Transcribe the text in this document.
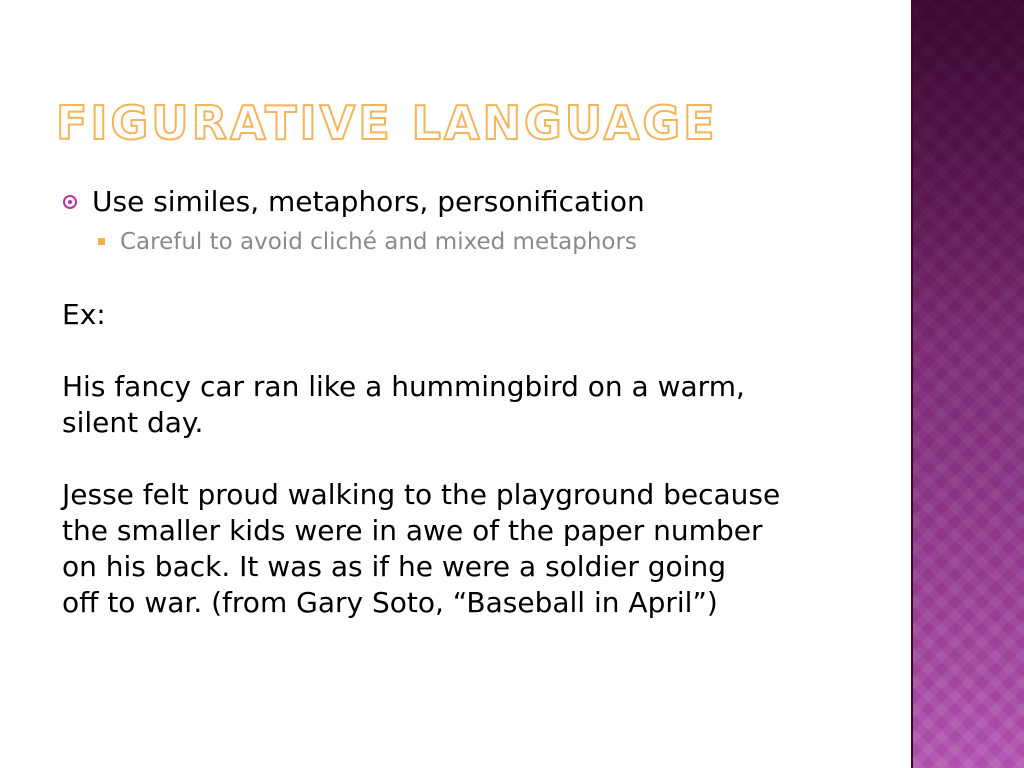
FIGURATIVE LANGUAGE
Use similes, metaphors, personification
Careful to avoid cliché and mixed metaphors

Ex:

His fancy car ran like a hummingbird on a warm,
silent day.
Jesse felt proud walking to the playground because
the smaller kids were in awe of the paper number
on his back. It was as if he were a soldier going
off to war. (from Gary Soto, “Baseball in April”)
